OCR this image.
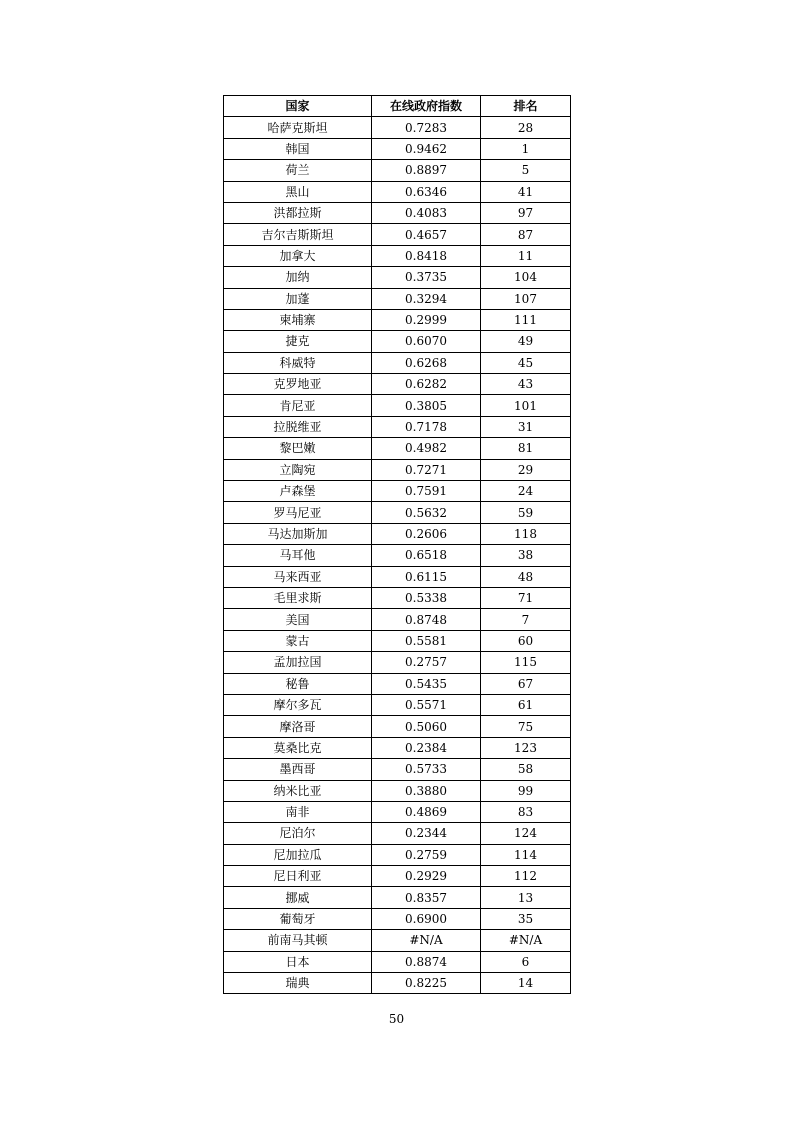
国家	在线政府指数	排名
哈萨克斯坦	0.7283	28
韩国	0.9462	1
荷兰	0.8897	5
黑山	0.6346	41
洪都拉斯	0.4083	97
吉尔吉斯斯坦	0.4657	87
加拿大	0.8418	11
加纳	0.3735	104
加蓬	0.3294	107
柬埔寨	0.2999	111
捷克	0.6070	49
科威特	0.6268	45
克罗地亚	0.6282	43
肯尼亚	0.3805	101
拉脱维亚	0.7178	31
黎巴嫩	0.4982	81
立陶宛	0.7271	29
卢森堡	0.7591	24
罗马尼亚	0.5632	59
马达加斯加	0.2606	118
马耳他	0.6518	38
马来西亚	0.6115	48
毛里求斯	0.5338	71
美国	0.8748	7
蒙古	0.5581	60
孟加拉国	0.2757	115
秘鲁	0.5435	67
摩尔多瓦	0.5571	61
摩洛哥	0.5060	75
莫桑比克	0.2384	123
墨西哥	0.5733	58
纳米比亚	0.3880	99
南非	0.4869	83
尼泊尔	0.2344	124
尼加拉瓜	0.2759	114
尼日利亚	0.2929	112
挪威	0.8357	13
葡萄牙	0.6900	35
前南马其顿	#N/A	#N/A
日本	0.8874	6
瑞典	0.8225	14
50
